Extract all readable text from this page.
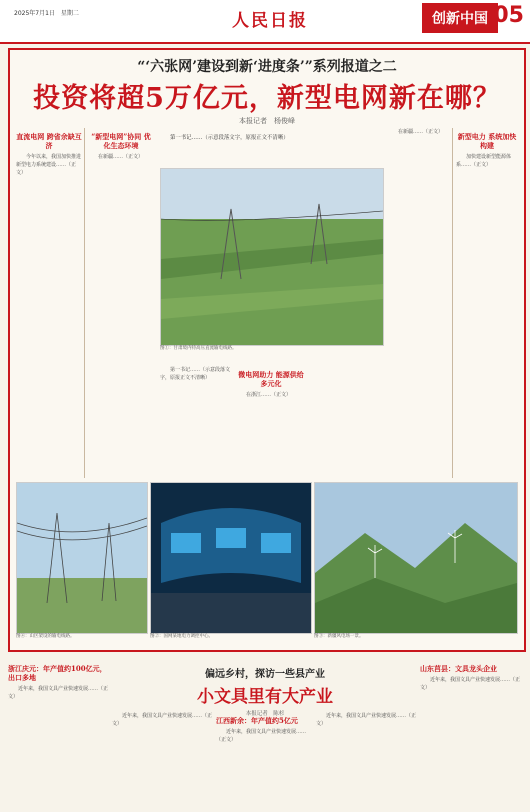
2025年7月1日　星期二	人民日报	创新中国 05
“‘六张网’建设到新‘进度条’”系列报道之二
投资将超5万亿元，新型电网新在哪？
本报记者　杨俊峰

第一书记……（示意段落文字，原报正文不清晰）

直流电网 跨省余缺互济

今年以来，我国加快推进新型电力系统建设……（正文）

“新型电网”协同 优化生态环境

在新疆……（正文）

图①：甘肃境内特高压直流输电线路。

第一书记……（示意段落文字，原报正文不清晰）	微电网助力 能源供给多元化

在浙江……（正文）

在新疆……（正文）	新型电力 系统加快构建

加快建设新型能源体系……（正文）

图④：山区架设的输电线路。	图②：国网某地电力调控中心。	图③：新疆风电场一景。
偏远乡村，探访一些县产业
小文具里有大产业
本报记者　陈杉
浙江庆元：年产值约100亿元，出口多地

近年来，我国文具产业快速发展……（正文）

近年来，我国文具产业快速发展……（正文）	江西新余：年产值约5亿元

近年来，我国文具产业快速发展……（正文）

近年来，我国文具产业快速发展……（正文）

山东莒县：文具龙头企业

近年来，我国文具产业快速发展……（正文）
